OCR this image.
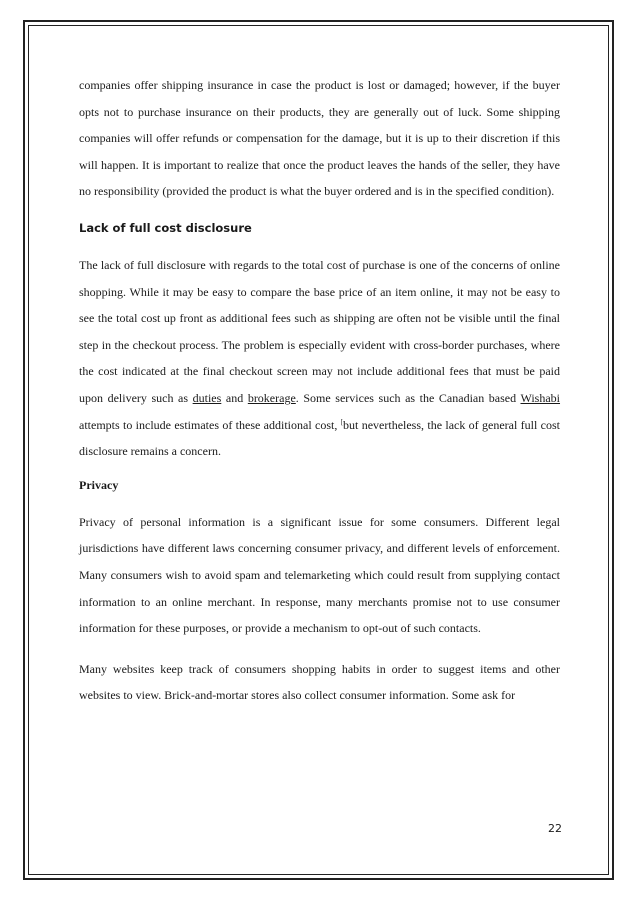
companies offer shipping insurance in case the product is lost or damaged; however, if the buyer opts not to purchase insurance on their products, they are generally out of luck. Some shipping companies will offer refunds or compensation for the damage, but it is up to their discretion if this will happen. It is important to realize that once the product leaves the hands of the seller, they have no responsibility (provided the product is what the buyer ordered and is in the specified condition).

Lack of full cost disclosure

The lack of full disclosure with regards to the total cost of purchase is one of the concerns of online shopping. While it may be easy to compare the base price of an item online, it may not be easy to see the total cost up front as additional fees such as shipping are often not be visible until the final step in the checkout process. The problem is especially evident with cross-border purchases, where the cost indicated at the final checkout screen may not include additional fees that must be paid upon delivery such as duties and brokerage. Some services such as the Canadian based Wishabi attempts to include estimates of these additional cost, [but nevertheless, the lack of general full cost disclosure remains a concern.

Privacy

Privacy of personal information is a significant issue for some consumers. Different legal jurisdictions have different laws concerning consumer privacy, and different levels of enforcement. Many consumers wish to avoid spam and telemarketing which could result from supplying contact information to an online merchant. In response, many merchants promise not to use consumer information for these purposes, or provide a mechanism to opt-out of such contacts.

Many websites keep track of consumers shopping habits in order to suggest items and other websites to view. Brick-and-mortar stores also collect consumer information. Some ask for

22
